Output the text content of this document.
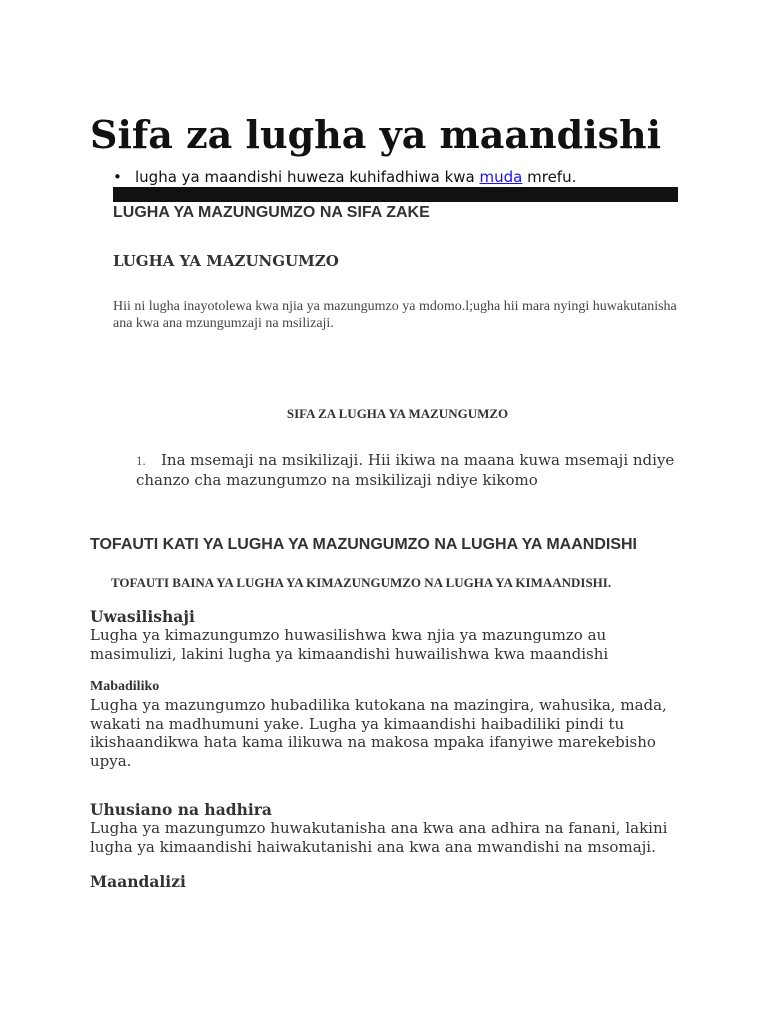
Sifa za lugha ya maandishi
• lugha ya maandishi huweza kuhifadhiwa kwa muda mrefu.
LUGHA YA MAZUNGUMZO NA SIFA ZAKE
LUGHA YA MAZUNGUMZO

Hii ni lugha inayotolewa kwa njia ya mazungumzo ya mdomo.l;ugha hii mara nyingi huwakutanisha ana kwa ana mzungumzaji na msilizaji.

SIFA ZA LUGHA YA MAZUNGUMZO

1. Ina msemaji na msikilizaji. Hii ikiwa na maana kuwa msemaji ndiye chanzo cha mazungumzo na msikilizaji ndiye kikomo

TOFAUTI KATI YA LUGHA YA MAZUNGUMZO NA LUGHA YA MAANDISHI
TOFAUTI BAINA YA LUGHA YA KIMAZUNGUMZO NA LUGHA YA KIMAANDISHI.
Uwasilishaji

Lugha ya kimazungumzo huwasilishwa kwa njia ya mazungumzo au masimulizi, lakini lugha ya kimaandishi huwailishwa kwa maandishi

Mabadiliko

Lugha ya mazungumzo hubadilika kutokana na mazingira, wahusika, mada, wakati na madhumuni yake. Lugha ya kimaandishi haibadiliki pindi tu ikishaandikwa hata kama ilikuwa na makosa mpaka ifanyiwe marekebisho upya.

Uhusiano na hadhira

Lugha ya mazungumzo huwakutanisha ana kwa ana adhira na fanani, lakini lugha ya kimaandishi haiwakutanishi ana kwa ana mwandishi na msomaji.

Maandalizi
